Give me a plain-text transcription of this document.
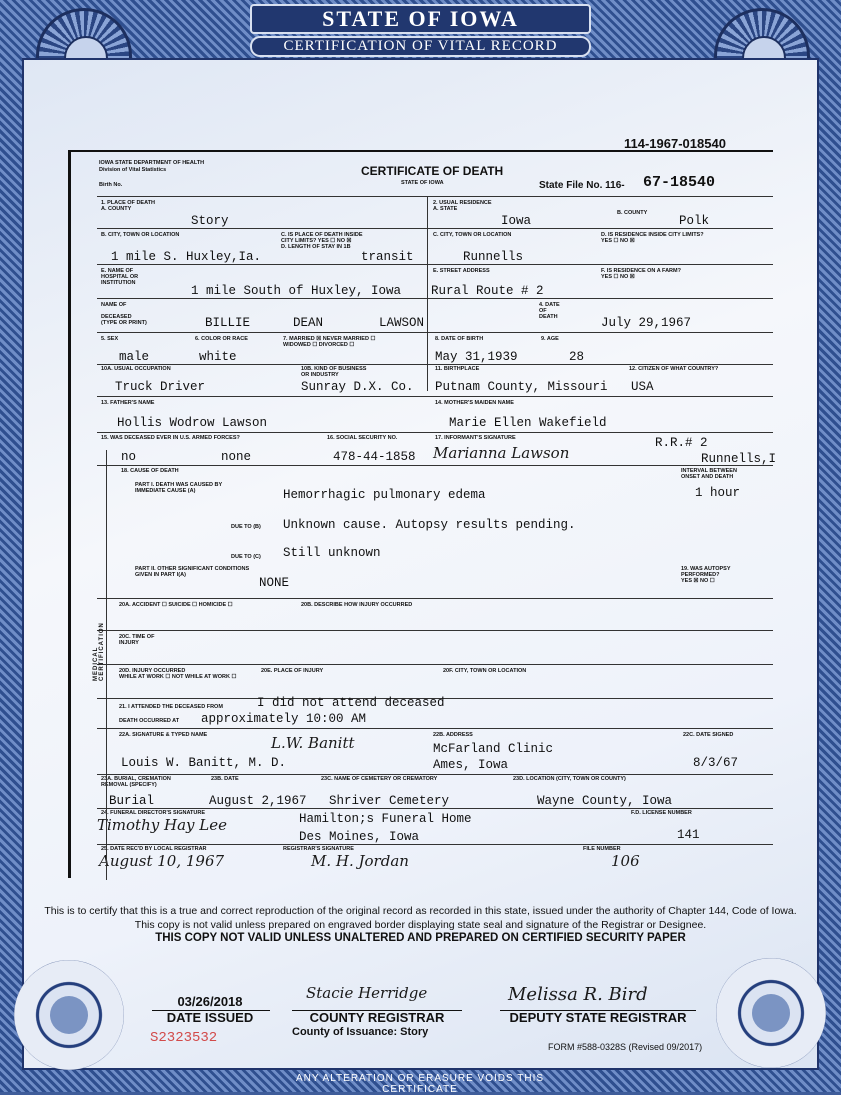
STATE OF IOWA
CERTIFICATION OF VITAL RECORD
114-1967-018540
IOWA STATE DEPARTMENT OF HEALTH
Division of Vital Statistics
Birth No.
CERTIFICATE OF DEATH
STATE OF IOWA	State File No. 116- 67-18540
1. PLACE OF DEATH
A. COUNTY
Story
2. USUAL RESIDENCE
A. STATE
Iowa
B. COUNTY
Polk
B. CITY, TOWN OR LOCATION
1 mile S. Huxley,Ia.
C. IS PLACE OF DEATH INSIDE
CITY LIMITS? YES ☐ NO ☒
D. LENGTH OF STAY IN 1B
transit
C. CITY, TOWN OR LOCATION
Runnells
D. IS RESIDENCE INSIDE CITY LIMITS?
YES ☐ NO ☒
E. NAME OF
HOSPITAL OR
INSTITUTION
1 mile South of Huxley, Iowa
E. STREET ADDRESS
Rural Route # 2
F. IS RESIDENCE ON A FARM?
YES ☐ NO ☒
NAME OF

DECEASED
(TYPE OR PRINT)	BILLIE	DEAN	LAWSON
4. DATE
OF
DEATH	July 29,1967
5. SEX
male
6. COLOR OR RACE
white
7. MARRIED ☒ NEVER MARRIED ☐
WIDOWED ☐ DIVORCED ☐
8. DATE OF BIRTH
May 31,1939
9. AGE
28
10A. USUAL OCCUPATION
Truck Driver
10B. KIND OF BUSINESS
OR INDUSTRY
Sunray D.X. Co.
11. BIRTHPLACE
Putnam County, Missouri
12. CITIZEN OF WHAT COUNTRY?
USA
13. FATHER'S NAME
Hollis Wodrow Lawson
14. MOTHER'S MAIDEN NAME
Marie Ellen Wakefield
15. WAS DECEASED EVER IN U.S. ARMED FORCES?
no	none
16. SOCIAL SECURITY NO.
478-44-1858
17. INFORMANT'S SIGNATURE
Marianna Lawson
R.R.# 2
Runnells,I
18. CAUSE OF DEATH
PART I. DEATH WAS CAUSED BY
IMMEDIATE CAUSE (A)	Hemorrhagic pulmonary edema
INTERVAL BETWEEN
ONSET AND DEATH
1 hour
DUE TO (B) Unknown cause. Autopsy results pending.
DUE TO (C) Still unknown
PART II. OTHER SIGNIFICANT CONDITIONS
GIVEN IN PART I(A)
NONE
19. WAS AUTOPSY
PERFORMED?
YES ☒ NO ☐
20A. ACCIDENT ☐ SUICIDE ☐ HOMICIDE ☐	20B. DESCRIBE HOW INJURY OCCURRED
20C. TIME OF
INJURY
20D. INJURY OCCURRED
WHILE AT WORK ☐ NOT WHILE AT WORK ☐
20E. PLACE OF INJURY	20F. CITY, TOWN OR LOCATION
21. I ATTENDED THE DECEASED FROM	I did not attend deceased
DEATH OCCURRED AT approximately 10:00 AM
22A. SIGNATURE & TYPED NAME	L.W. Banitt
Louis W. Banitt, M. D.
22B. ADDRESS
McFarland Clinic
Ames, Iowa
22C. DATE SIGNED
8/3/67
23A. BURIAL, CREMATION
REMOVAL (SPECIFY)
Burial
23B. DATE
August 2,1967
23C. NAME OF CEMETERY OR CREMATORY
Shriver Cemetery
23D. LOCATION (CITY, TOWN OR COUNTY)
Wayne County, Iowa
24. FUNERAL DIRECTOR'S SIGNATURE
Timothy Hay Lee	Hamilton;s Funeral Home
Des Moines, Iowa
F.D. LICENSE NUMBER
141
25. DATE REC'D BY LOCAL REGISTRAR
August 10, 1967
REGISTRAR'S SIGNATURE
M. H. Jordan
FILE NUMBER
106
MEDICAL CERTIFICATION
This is to certify that this is a true and correct reproduction of the original record as recorded in this state, issued under the authority of Chapter 144, Code of Iowa.
This copy is not valid unless prepared on engraved border displaying state seal and signature of the Registrar or Designee.
THIS COPY NOT VALID UNLESS UNALTERED AND PREPARED ON CERTIFIED SECURITY PAPER
03/26/2018
DATE ISSUED
Stacie Herridge
COUNTY REGISTRAR
County of Issuance: Story
Melissa R. Bird
DEPUTY STATE REGISTRAR
S2323532
FORM #588-0328S (Revised 09/2017)
ANY ALTERATION OR ERASURE VOIDS THIS CERTIFICATE
